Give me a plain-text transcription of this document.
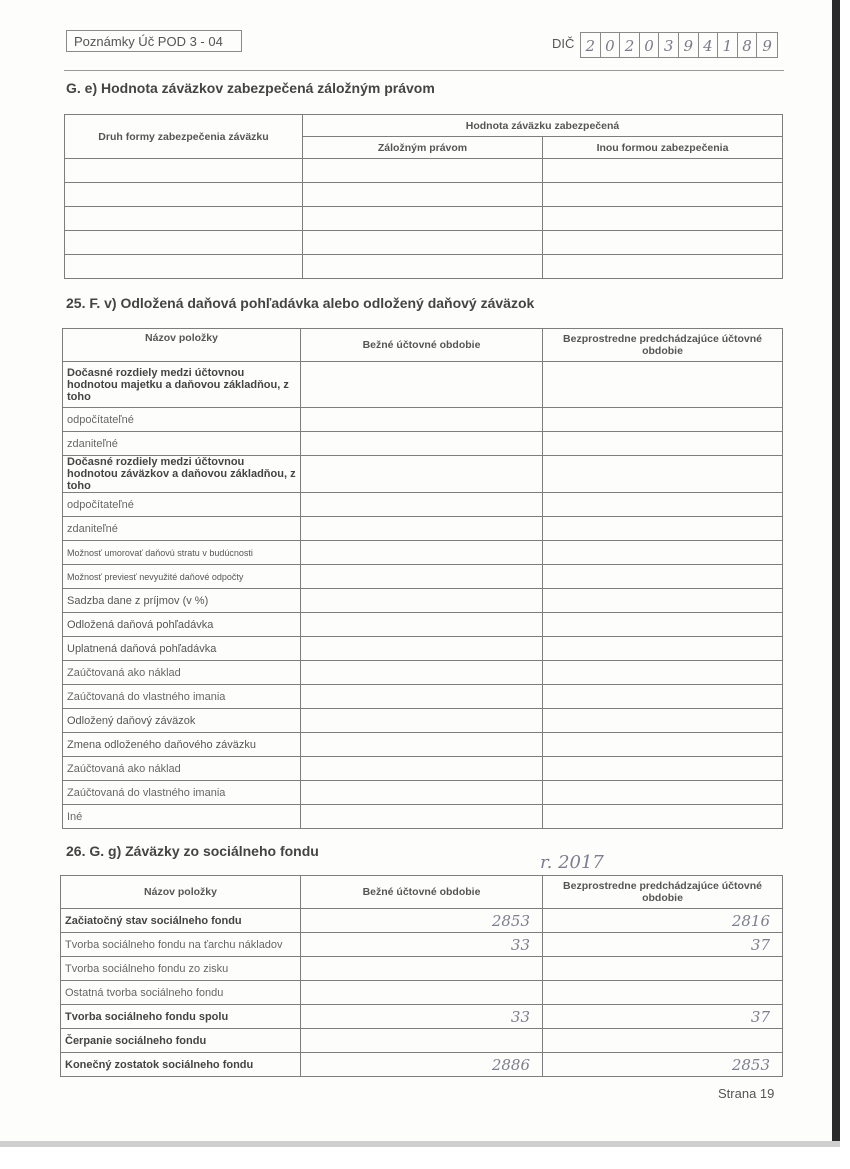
Poznámky Úč POD 3 - 04	DIČ 2 0 2 0 3 9 4 1 8 9
G. e) Hodnota záväzkov zabezpečená záložným právom
Druh formy zabezpečenia záväzku	Hodnota záväzku zabezpečená	
	Záložným právom	Inou formou zabezpečenia

25. F. v) Odložená daňová pohľadávka alebo odložený daňový záväzok
Názov položky	Bežné účtovné obdobie	Bezprostredne predchádzajúce účtovné obdobie
Dočasné rozdiely medzi účtovnou hodnotou majetku a daňovou základňou, z toho		
odpočítateľné		
zdaniteľné		
Dočasné rozdiely medzi účtovnou hodnotou záväzkov a daňovou základňou, z toho		
odpočítateľné		
zdaniteľné		
Možnosť umorovať daňovú stratu v budúcnosti		
Možnosť previesť nevyužité daňové odpočty		
Sadzba dane z príjmov (v %)		
Odložená daňová pohľadávka		
Uplatnená daňová pohľadávka		
Zaúčtovaná ako náklad		
Zaúčtovaná do vlastného imania		
Odložený daňový záväzok		
Zmena odloženého daňového záväzku		
Zaúčtovaná ako náklad		
Zaúčtovaná do vlastného imania		
Iné		
26. G. g) Záväzky zo sociálneho fondu
r. 2017
Názov položky	Bežné účtovné obdobie	Bezprostredne predchádzajúce účtovné obdobie
Začiatočný stav sociálneho fondu	2853	2816
Tvorba sociálneho fondu na ťarchu nákladov	33	37
Tvorba sociálneho fondu zo zisku		
Ostatná tvorba sociálneho fondu		
Tvorba sociálneho fondu spolu	33	37
Čerpanie sociálneho fondu		
Konečný zostatok sociálneho fondu	2886	2853
Strana 19
